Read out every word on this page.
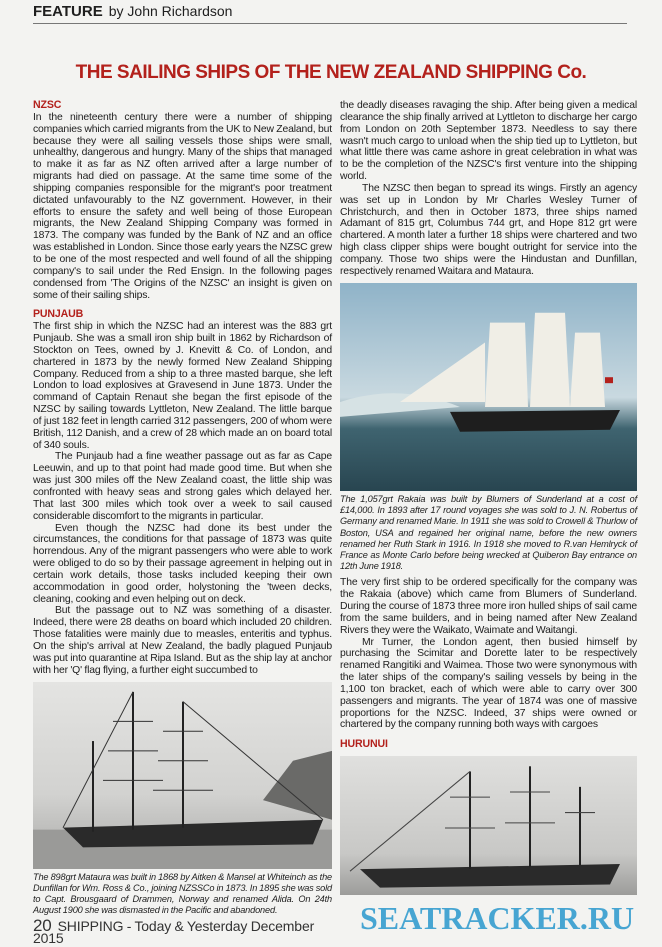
FEATURE by John Richardson
THE SAILING SHIPS OF THE NEW ZEALAND SHIPPING Co.

NZSC

In the nineteenth century there were a number of shipping companies which carried migrants from the UK to New Zealand, but because they were all sailing vessels those ships were small, unhealthy, dangerous and hungry. Many of the ships that managed to make it as far as NZ often arrived after a large number of migrants had died on passage. At the same time some of the shipping companies responsible for the migrant's poor treatment dictated unfavourably to the NZ government. However, in their efforts to ensure the safety and well being of those European migrants, the New Zealand Shipping Company was formed in 1873. The company was funded by the Bank of NZ and an office was established in London. Since those early years the NZSC grew to be one of the most respected and well found of all the shipping company's to sail under the Red Ensign. In the following pages condensed from 'The Origins of the NZSC' an insight is given on some of their sailing ships.

PUNJAUB

The first ship in which the NZSC had an interest was the 883 grt Punjaub. She was a small iron ship built in 1862 by Richardson of Stockton on Tees, owned by J. Knevitt & Co. of London, and chartered in 1873 by the newly formed New Zealand Shipping Company. Reduced from a ship to a three masted barque, she left London to load explosives at Gravesend in June 1873. Under the command of Captain Renaut she began the first episode of the NZSC by sailing towards Lyttleton, New Zealand. The little barque of just 182 feet in length carried 312 passengers, 200 of whom were British, 112 Danish, and a crew of 28 which made an on board total of 340 souls.

The Punjaub had a fine weather passage out as far as Cape Leeuwin, and up to that point had made good time. But when she was just 300 miles off the New Zealand coast, the little ship was confronted with heavy seas and strong gales which delayed her. That last 300 miles which took over a week to sail caused considerable discomfort to the migrants in particular.

Even though the NZSC had done its best under the circumstances, the conditions for that passage of 1873 was quite horrendous. Any of the migrant passengers who were able to work were obliged to do so by their passage agreement in helping out in certain work details, those tasks included keeping their own accommodation in good order, holystoning the 'tween decks, cleaning, cooking and even helping out on deck.

But the passage out to NZ was something of a disaster. Indeed, there were 28 deaths on board which included 20 children. Those fatalities were mainly due to measles, enteritis and typhus. On the ship's arrival at New Zealand, the badly plagued Punjaub was put into quarantine at Ripa Island. But as the ship lay at anchor with her 'Q' flag flying, a further eight succumbed to

The 898grt Mataura was built in 1868 by Aitken & Mansel at Whiteinch as the Dunfillan for Wm. Ross & Co., joining NZSSCo in 1873. In 1895 she was sold to Capt. Brousgaard of Drammen, Norway and renamed Alida. On 24th August 1900 she was dismasted in the Pacific and abandoned.
20 SHIPPING - Today & Yesterday December 2015

the deadly diseases ravaging the ship. After being given a medical clearance the ship finally arrived at Lyttleton to discharge her cargo from London on 20th September 1873. Needless to say there wasn't much cargo to unload when the ship tied up to Lyttleton, but what little there was came ashore in great celebration in what was to be the completion of the NZSC's first venture into the shipping world.

The NZSC then began to spread its wings. Firstly an agency was set up in London by Mr Charles Wesley Turner of Christchurch, and then in October 1873, three ships named Adamant of 815 grt, Columbus 744 grt, and Hope 812 grt were chartered. A month later a further 18 ships were chartered and two high class clipper ships were bought outright for service into the company. Those two ships were the Hindustan and Dunfillan, respectively renamed Waitara and Mataura.

The 1,057grt Rakaia was built by Blumers of Sunderland at a cost of £14,000. In 1893 after 17 round voyages she was sold to J. N. Robertus of Germany and renamed Marie. In 1911 she was sold to Crowell & Thurlow of Boston, USA and regained her original name, before the new owners renamed her Ruth Stark in 1916. In 1918 she moved to R.van Hemlryck of France as Monte Carlo before being wrecked at Quiberon Bay entrance on 12th June 1918.

The very first ship to be ordered specifically for the company was the Rakaia (above) which came from Blumers of Sunderland. During the course of 1873 three more iron hulled ships of sail came from the same builders, and in being named after New Zealand Rivers they were the Waikato, Waimate and Waitangi.

Mr Turner, the London agent, then busied himself by purchasing the Scimitar and Dorette later to be respectively renamed Rangitiki and Waimea. Those two were synonymous with the later ships of the company's sailing vessels by being in the 1,100 ton bracket, each of which were able to carry over 300 passengers and migrants. The year of 1874 was one of massive proportions for the NZSC. Indeed, 37 ships were owned or chartered by the company running both ways with cargoes

HURUNUI

SEATRACKER.RU
